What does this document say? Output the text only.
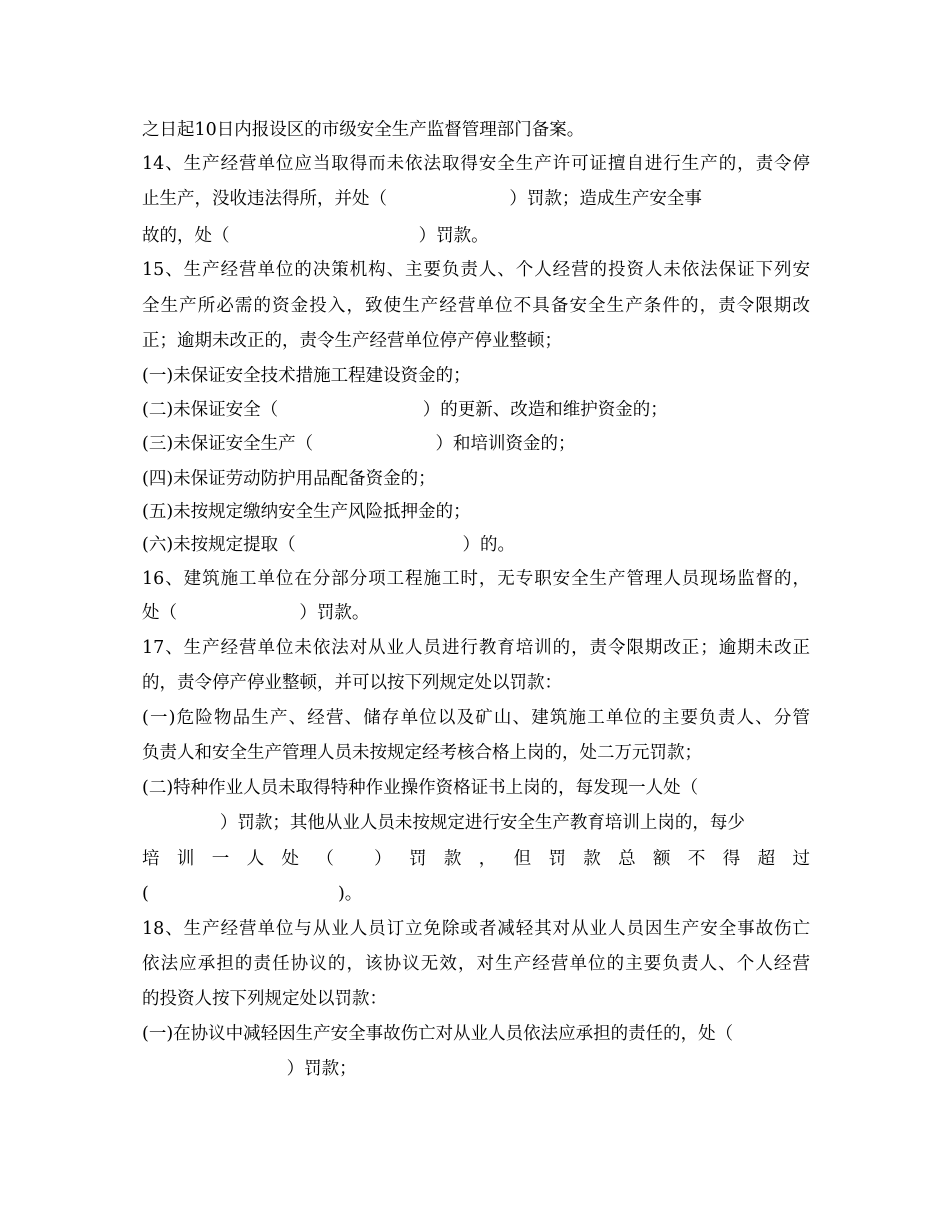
之日起10日内报设区的市级安全生产监督管理部门备案。
14、生产经营单位应当取得而未依法取得安全生产许可证擅自进行生产的，责令停
止生产，没收违法得所，并处（                      ）罚款；造成生产安全事
故的，处（                                  ）罚款。
15、生产经营单位的决策机构、主要负责人、个人经营的投资人未依法保证下列安
全生产所必需的资金投入，致使生产经营单位不具备安全生产条件的，责令限期改
正；逾期未改正的，责令生产经营单位停产停业整顿；
(一)未保证安全技术措施工程建设资金的；
(二)未保证安全（                          ）的更新、改造和维护资金的；
(三)未保证安全生产（                      ）和培训资金的；
(四)未保证劳动防护用品配备资金的；
(五)未按规定缴纳安全生产风险抵押金的；
(六)未按规定提取（                              ）的。
16、建筑施工单位在分部分项工程施工时，无专职安全生产管理人员现场监督的，
处（                      ）罚款。
17、生产经营单位未依法对从业人员进行教育培训的，责令限期改正；逾期未改正
的，责令停产停业整顿，并可以按下列规定处以罚款：
(一)危险物品生产、经营、储存单位以及矿山、建筑施工单位的主要负责人、分管
负责人和安全生产管理人员未按规定经考核合格上岗的，处二万元罚款；
(二)特种作业人员未取得特种作业操作资格证书上岗的，每发现一人处（
）罚款；其他从业人员未按规定进行安全生产教育培训上岗的，每少
培训一人处（ ）罚款，但罚款总额不得超过
(                                  )。
18、生产经营单位与从业人员订立免除或者减轻其对从业人员因生产安全事故伤亡
依法应承担的责任协议的，该协议无效，对生产经营单位的主要负责人、个人经营
的投资人按下列规定处以罚款：
(一)在协议中减轻因生产安全事故伤亡对从业人员依法应承担的责任的，处（
）罚款；
